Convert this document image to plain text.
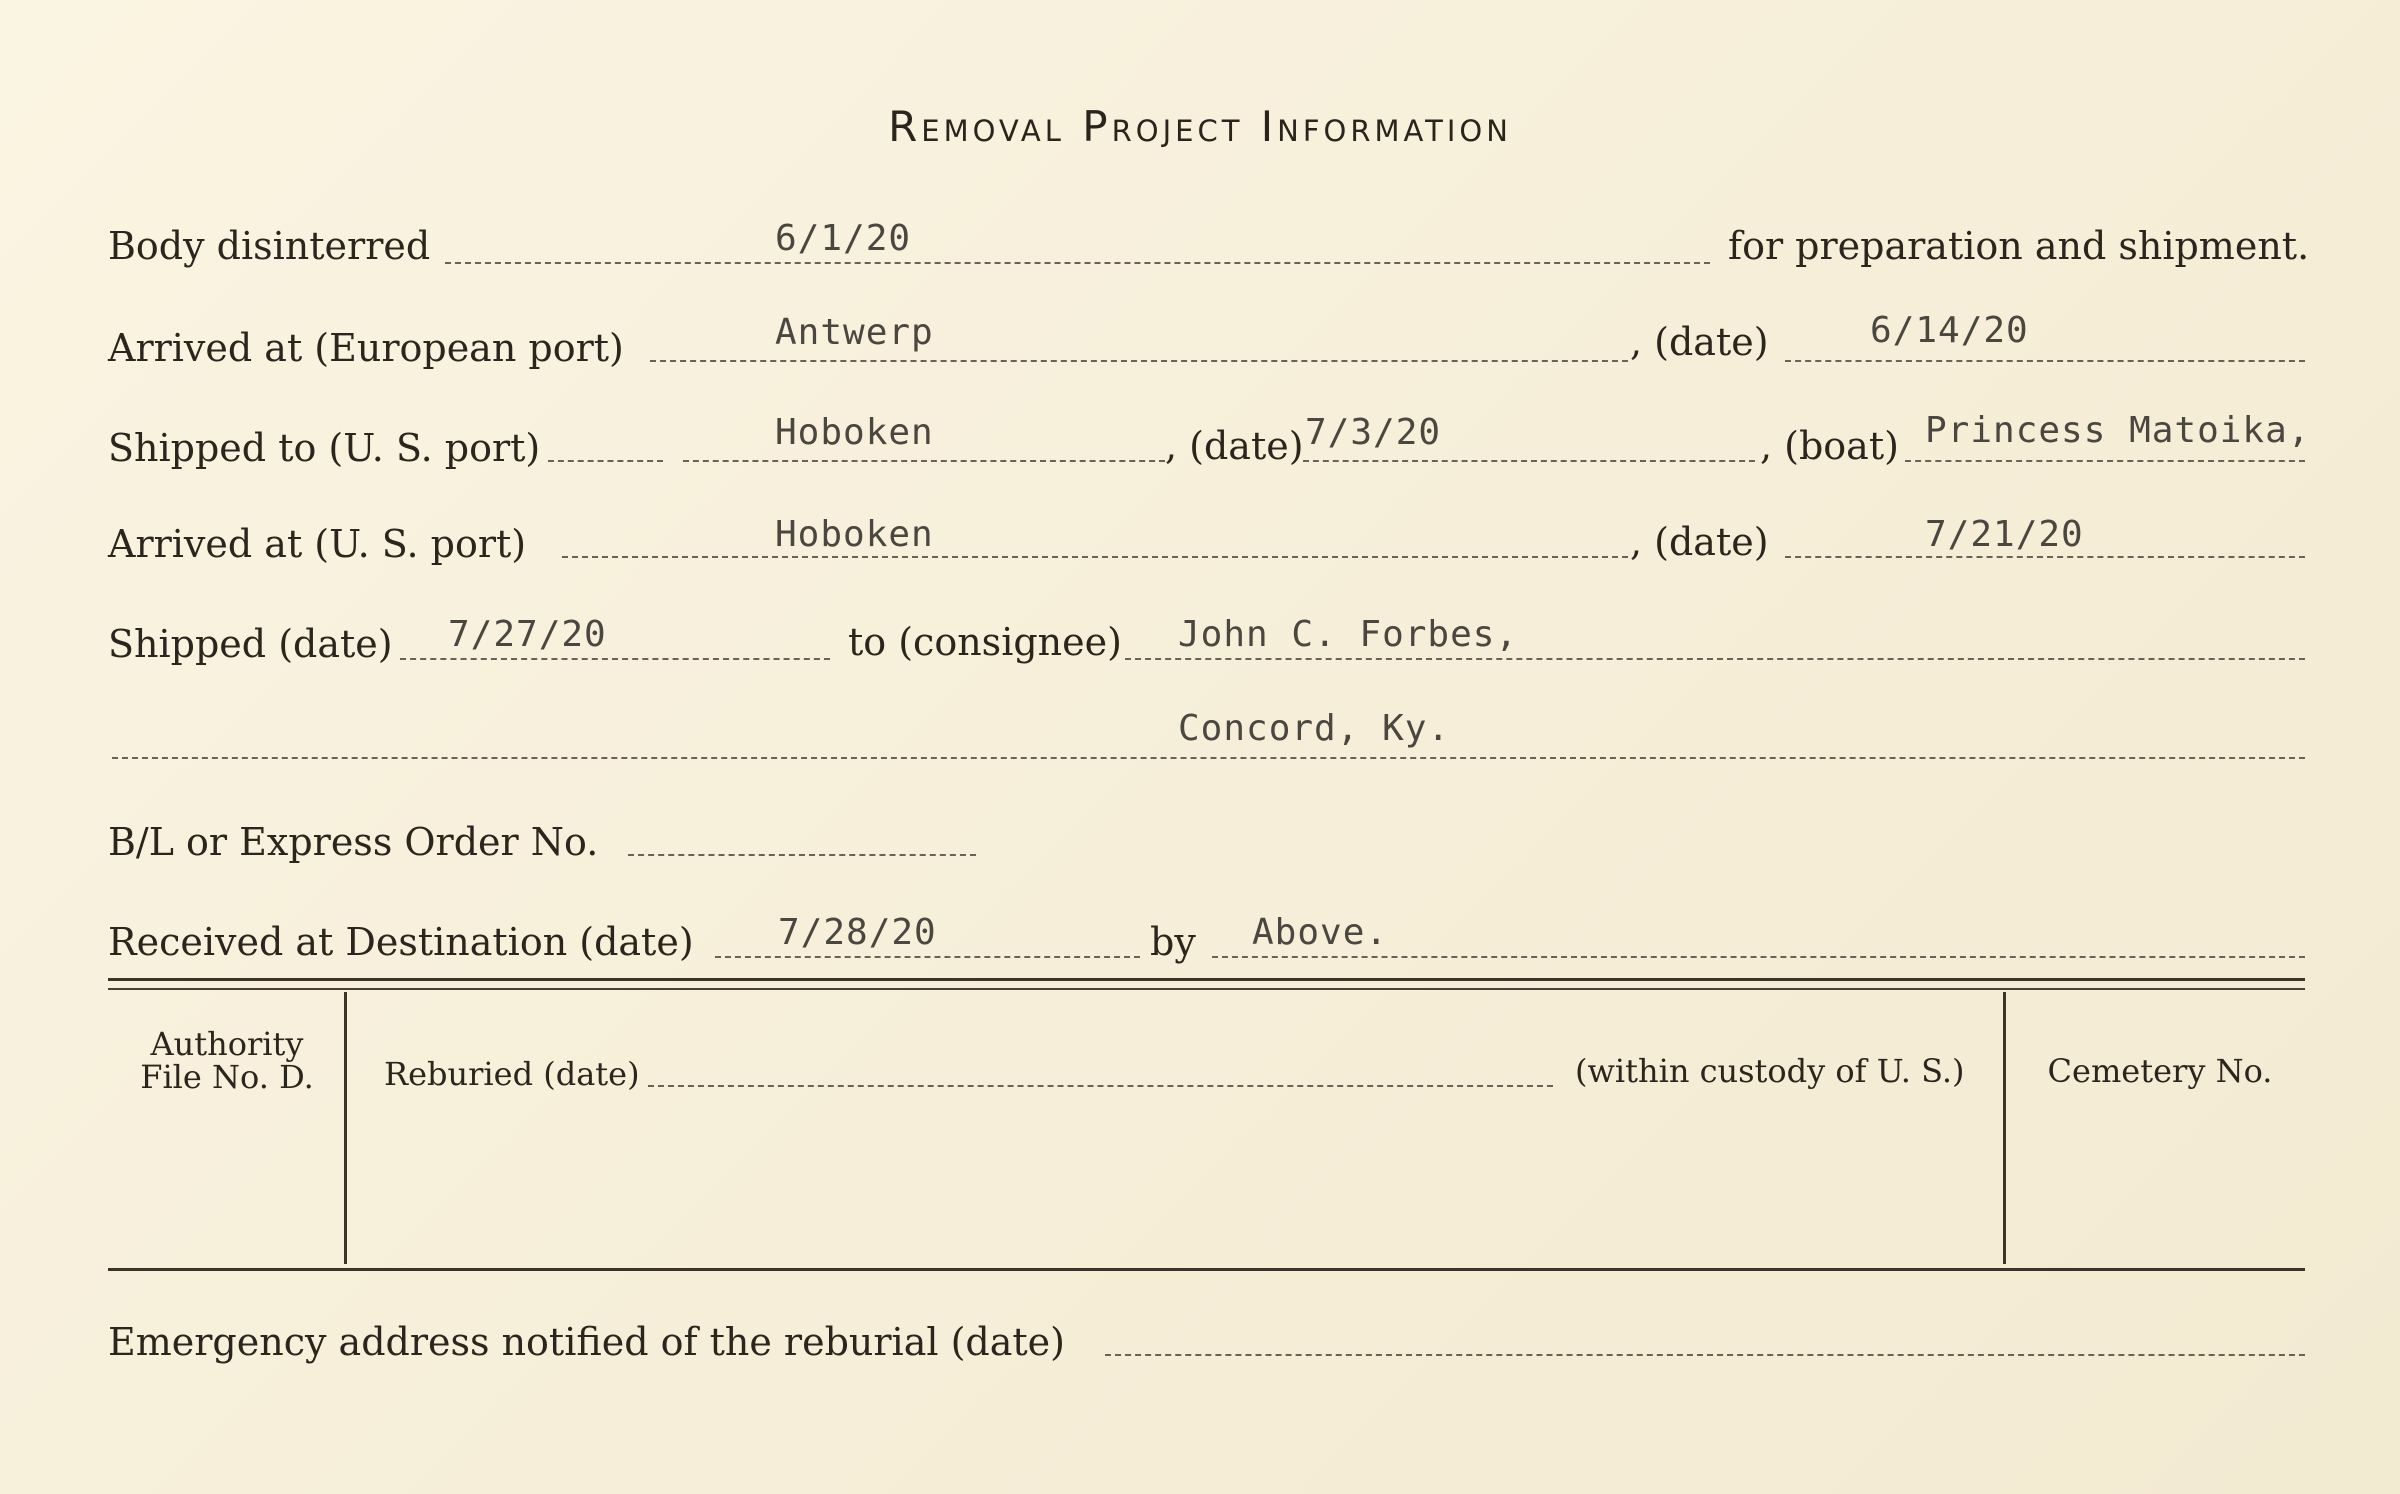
Removal Project Information
Body disinterred	6/1/20	for preparation and shipment.
Arrived at (European port)	Antwerp	, (date)	6/14/20
Shipped to (U. S. port)	Hoboken	, (date) 7/3/20	, (boat) Princess Matoika,
Arrived at (U. S. port)	Hoboken	, (date)	7/21/20
Shipped (date) 7/27/20	to (consignee) John C. Forbes,
Concord, Ky.
B/L or Express Order No.
Received at Destination (date) 7/28/20	by Above.
Authority
File No. D.	Reburied (date)	(within custody of U. S.)	Cemetery No.
Emergency address notified of the reburial (date)
